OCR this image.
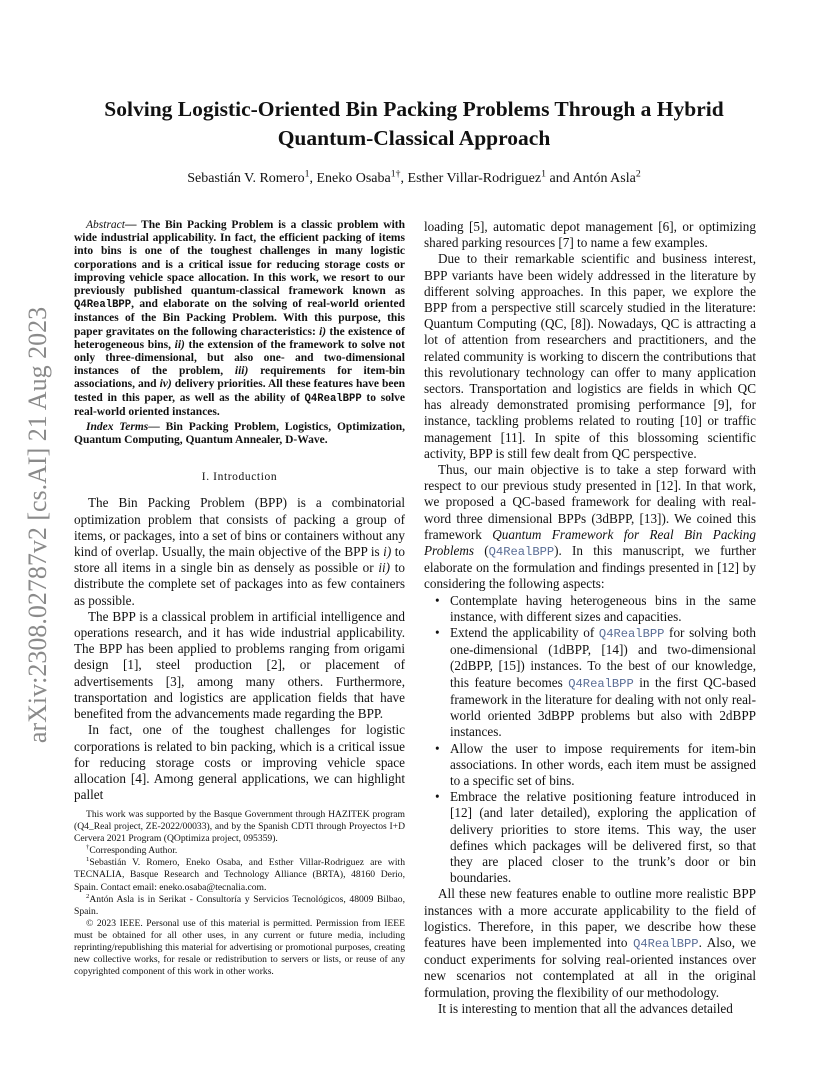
arXiv:2308.02787v2 [cs.AI] 21 Aug 2023
Solving Logistic-Oriented Bin Packing Problems Through a Hybrid
Quantum-Classical Approach

Sebastián V. Romero$^1$, Eneko Osaba$^{1\dagger}$, Esther Villar-Rodriguez$^1$ and Antón Asla$^2$

Abstract— The Bin Packing Problem is a classic problem with wide industrial applicability. In fact, the efficient packing of items into bins is one of the toughest challenges in many logistic corporations and is a critical issue for reducing storage costs or improving vehicle space allocation. In this work, we resort to our previously published quantum-classical framework known as Q4RealBPP, and elaborate on the solving of real-world oriented instances of the Bin Packing Problem. With this purpose, this paper gravitates on the following characteristics: i) the existence of heterogeneous bins, ii) the extension of the framework to solve not only three-dimensional, but also one- and two-dimensional instances of the problem, iii) requirements for item-bin associations, and iv) delivery priorities. All these features have been tested in this paper, as well as the ability of Q4RealBPP to solve real-world oriented instances.

Index Terms— Bin Packing Problem, Logistics, Optimization, Quantum Computing, Quantum Annealer, D-Wave.

I. Introduction

The Bin Packing Problem (BPP) is a combinatorial optimization problem that consists of packing a group of items, or packages, into a set of bins or containers without any kind of overlap. Usually, the main objective of the BPP is i) to store all items in a single bin as densely as possible or ii) to distribute the complete set of packages into as few containers as possible.

The BPP is a classical problem in artificial intelligence and operations research, and it has wide industrial applicability. The BPP has been applied to problems ranging from origami design [1], steel production [2], or placement of advertisements [3], among many others. Furthermore, transportation and logistics are application fields that have benefited from the advancements made regarding the BPP.

In fact, one of the toughest challenges for logistic corporations is related to bin packing, which is a critical issue for reducing storage costs or improving vehicle space allocation [4]. Among general applications, we can highlight pallet

This work was supported by the Basque Government through HAZITEK program (Q4_Real project, ZE-2022/00033), and by the Spanish CDTI through Proyectos I+D Cervera 2021 Program (QOptimiza project, 095359).

†Corresponding Author.

$^1$Sebastián V. Romero, Eneko Osaba, and Esther Villar-Rodriguez are with TECNALIA, Basque Research and Technology Alliance (BRTA), 48160 Derio, Spain. Contact email: eneko.osaba@tecnalia.com.

$^2$Antón Asla is in Serikat - Consultoría y Servicios Tecnológicos, 48009 Bilbao, Spain.

© 2023 IEEE. Personal use of this material is permitted. Permission from IEEE must be obtained for all other uses, in any current or future media, including reprinting/republishing this material for advertising or promotional purposes, creating new collective works, for resale or redistribution to servers or lists, or reuse of any copyrighted component of this work in other works.

loading [5], automatic depot management [6], or optimizing shared parking resources [7] to name a few examples.

Due to their remarkable scientific and business interest, BPP variants have been widely addressed in the literature by different solving approaches. In this paper, we explore the BPP from a perspective still scarcely studied in the literature: Quantum Computing (QC, [8]). Nowadays, QC is attracting a lot of attention from researchers and practitioners, and the related community is working to discern the contributions that this revolutionary technology can offer to many application sectors. Transportation and logistics are fields in which QC has already demonstrated promising performance [9], for instance, tackling problems related to routing [10] or traffic management [11]. In spite of this blossoming scientific activity, BPP is still few dealt from QC perspective.

Thus, our main objective is to take a step forward with respect to our previous study presented in [12]. In that work, we proposed a QC-based framework for dealing with real-word three dimensional BPPs (3dBPP, [13]). We coined this framework Quantum Framework for Real Bin Packing Problems (Q4RealBPP). In this manuscript, we further elaborate on the formulation and findings presented in [12] by considering the following aspects:

• Contemplate having heterogeneous bins in the same instance, with different sizes and capacities.
• Extend the applicability of Q4RealBPP for solving both one-dimensional (1dBPP, [14]) and two-dimensional (2dBPP, [15]) instances. To the best of our knowledge, this feature becomes Q4RealBPP in the first QC-based framework in the literature for dealing with not only real-world oriented 3dBPP problems but also with 2dBPP instances.
• Allow the user to impose requirements for item-bin associations. In other words, each item must be assigned to a specific set of bins.
• Embrace the relative positioning feature introduced in [12] (and later detailed), exploring the application of delivery priorities to store items. This way, the user defines which packages will be delivered first, so that they are placed closer to the trunk’s door or bin boundaries.

All these new features enable to outline more realistic BPP instances with a more accurate applicability to the field of logistics. Therefore, in this paper, we describe how these features have been implemented into Q4RealBPP. Also, we conduct experiments for solving real-oriented instances over new scenarios not contemplated at all in the original formulation, proving the flexibility of our methodology.

It is interesting to mention that all the advances detailed
